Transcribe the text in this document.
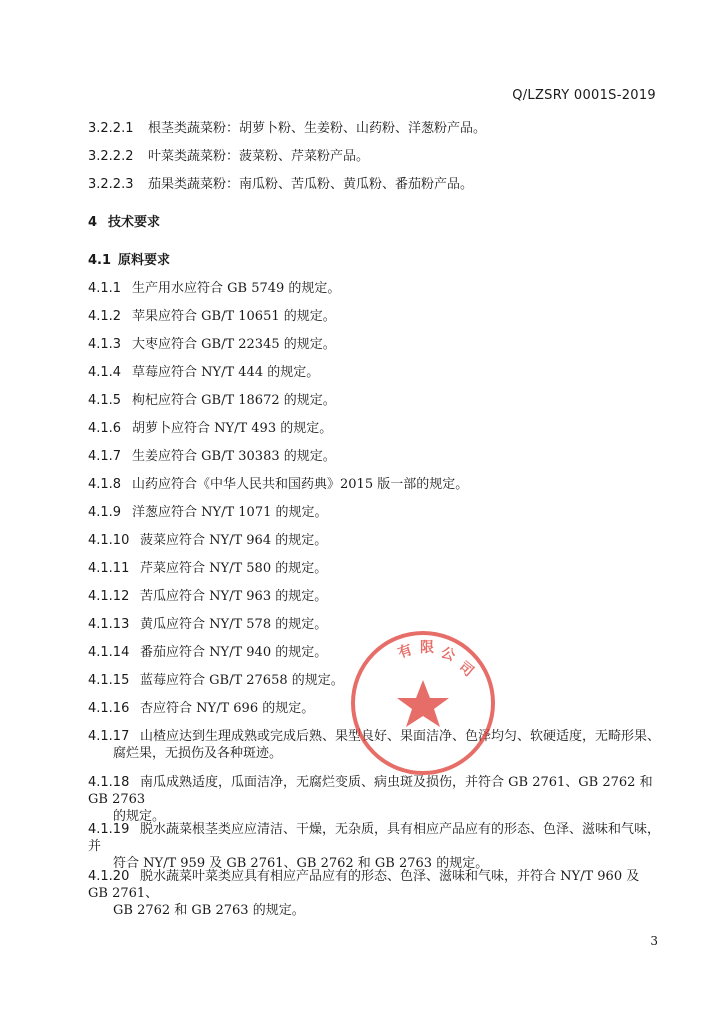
Q/LZSRY 0001S-2019
3.2.2.1 根茎类蔬菜粉：胡萝卜粉、生姜粉、山药粉、洋葱粉产品。
3.2.2.2 叶菜类蔬菜粉：菠菜粉、芹菜粉产品。
3.2.2.3 茄果类蔬菜粉：南瓜粉、苦瓜粉、黄瓜粉、番茄粉产品。
4 技术要求
4.1 原料要求
4.1.1 生产用水应符合 GB 5749 的规定。
4.1.2 苹果应符合 GB/T 10651 的规定。
4.1.3 大枣应符合 GB/T 22345 的规定。
4.1.4 草莓应符合 NY/T 444 的规定。
4.1.5 枸杞应符合 GB/T 18672 的规定。
4.1.6 胡萝卜应符合 NY/T 493 的规定。
4.1.7 生姜应符合 GB/T 30383 的规定。
4.1.8 山药应符合《中华人民共和国药典》2015 版一部的规定。
4.1.9 洋葱应符合 NY/T 1071 的规定。
4.1.10 菠菜应符合 NY/T 964 的规定。
4.1.11 芹菜应符合 NY/T 580 的规定。
4.1.12 苦瓜应符合 NY/T 963 的规定。
4.1.13 黄瓜应符合 NY/T 578 的规定。
4.1.14 番茄应符合 NY/T 940 的规定。
4.1.15 蓝莓应符合 GB/T 27658 的规定。
4.1.16 杏应符合 NY/T 696 的规定。
4.1.17 山楂应达到生理成熟或完成后熟、果型良好、果面洁净、色泽均匀、软硬适度，无畸形果、
腐烂果，无损伤及各种斑迹。
4.1.18 南瓜成熟适度，瓜面洁净，无腐烂变质、病虫斑及损伤，并符合 GB 2761、GB 2762 和 GB 2763
的规定。
4.1.19 脱水蔬菜根茎类应应清洁、干燥，无杂质，具有相应产品应有的形态、色泽、滋味和气味，并
符合 NY/T 959 及 GB 2761、GB 2762 和 GB 2763 的规定。
4.1.20 脱水蔬菜叶菜类应具有相应产品应有的形态、色泽、滋味和气味，并符合 NY/T 960 及 GB 2761、
GB 2762 和 GB 2763 的规定。
有 限 公
司
3
